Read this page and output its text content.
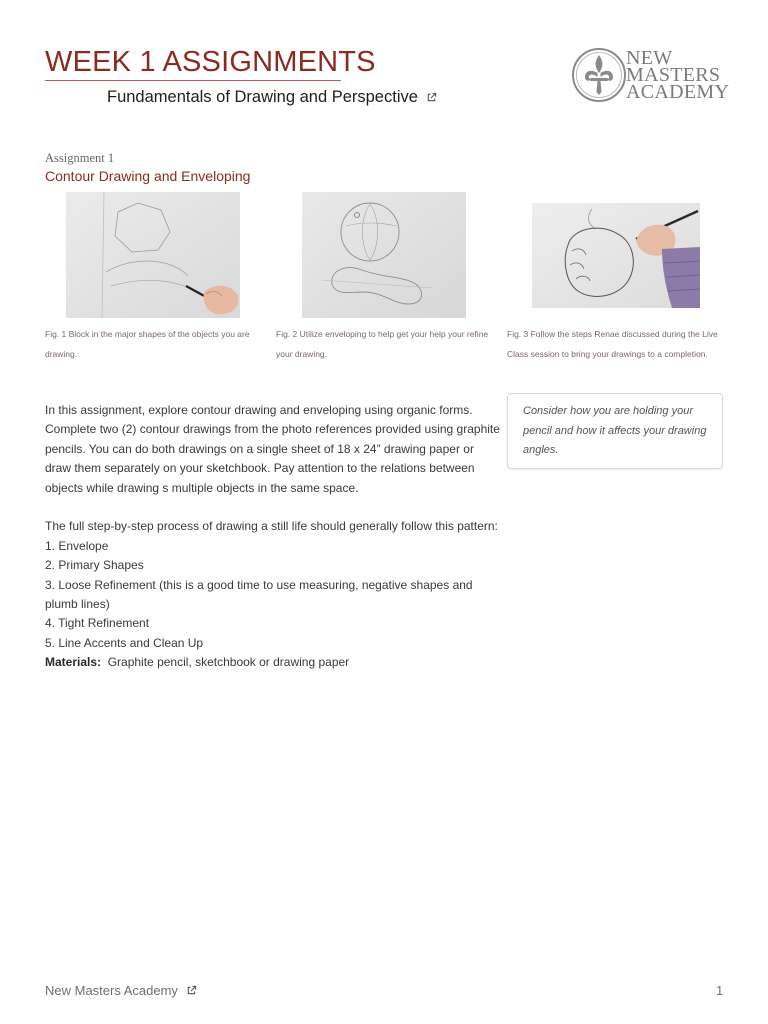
WEEK 1 ASSIGNMENTS
Fundamentals of Drawing and Perspective
NEW
MASTERS
ACADEMY
Assignment 1
Contour Drawing and Enveloping
Fig. 1 Block in the major shapes of the objects you are drawing.
Fig. 2 Utilize enveloping to help get your help your refine your drawing.
Fig. 3 Follow the steps Renae discussed during the Live Class session to bring your drawings to a completion.

In this assignment, explore contour drawing and enveloping using organic forms. Complete two (2) contour drawings from the photo references provided using graphite pencils. You can do both drawings on a single sheet of 18 x 24” drawing paper or draw them separately on your sketchbook. Pay attention to the relations between objects while drawing s multiple objects in the same space.

The full step-by-step process of drawing a still life should generally follow this pattern:

1. Envelope
2. Primary Shapes
3. Loose Refinement (this is a good time to use measuring, negative shapes and plumb lines)
4. Tight Refinement
5. Line Accents and Clean Up

Materials: Graphite pencil, sketchbook or drawing paper

Consider how you are holding your pencil and how it affects your drawing angles.
New Masters Academy	1
